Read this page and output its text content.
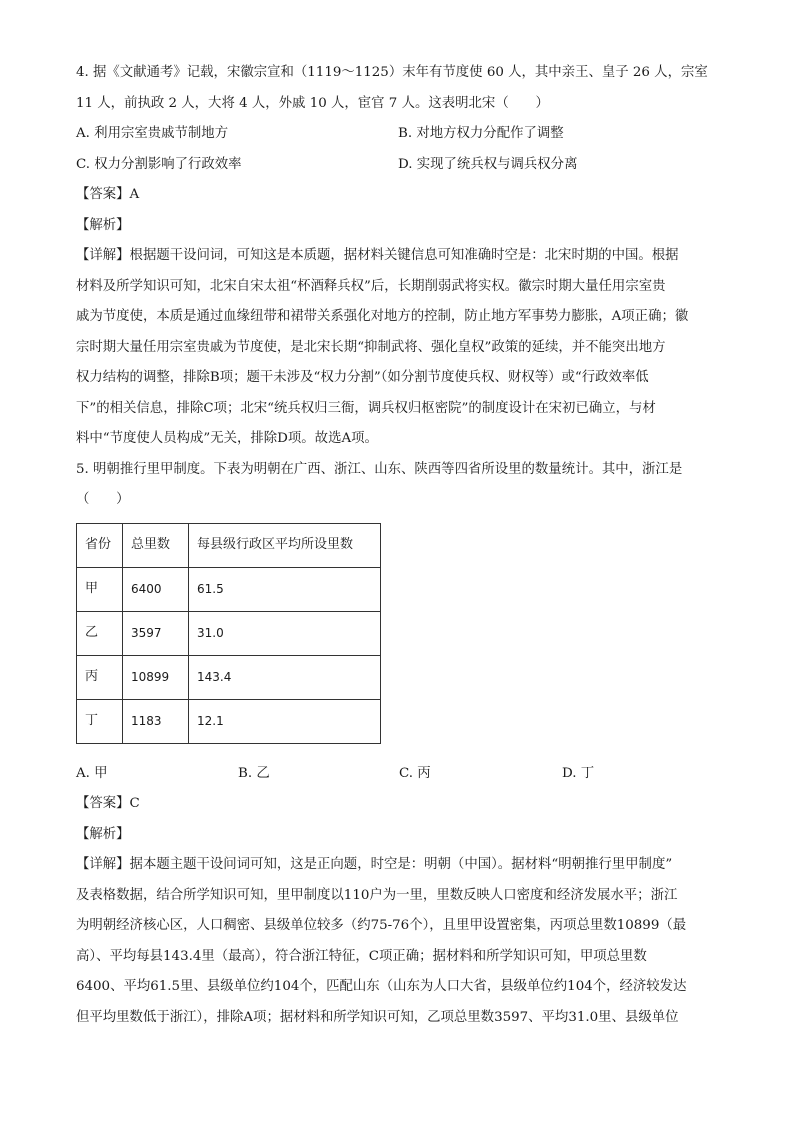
4. 据《文献通考》记载，宋徽宗宣和（1119～1125）末年有节度使 60 人，其中亲王、皇子 26 人，宗室

11 人，前执政 2 人，大将 4 人，外戚 10 人，宦官 7 人。这表明北宋（　　）

A. 利用宗室贵戚节制地方	B. 对地方权力分配作了调整
C. 权力分割影响了行政效率	D. 实现了统兵权与调兵权分离

【答案】A

【解析】

【详解】根据题干设问词，可知这是本质题，据材料关键信息可知准确时空是：北宋时期的中国。根据

材料及所学知识可知，北宋自宋太祖“杯酒释兵权”后，长期削弱武将实权。徽宗时期大量任用宗室贵

戚为节度使，本质是通过血缘纽带和裙带关系强化对地方的控制，防止地方军事势力膨胀，A项正确；徽

宗时期大量任用宗室贵戚为节度使，是北宋长期“抑制武将、强化皇权”政策的延续，并不能突出地方

权力结构的调整，排除B项；题干未涉及“权力分割”（如分割节度使兵权、财权等）或“行政效率低

下”的相关信息，排除C项；北宋“统兵权归三衙，调兵权归枢密院”的制度设计在宋初已确立，与材

料中“节度使人员构成”无关，排除D项。故选A项。

5. 明朝推行里甲制度。下表为明朝在广西、浙江、山东、陕西等四省所设里的数量统计。其中，浙江是

（　　）

省份	总里数	每县级行政区平均所设里数
甲	6400	61.5
乙	3597	31.0
丙	10899	143.4
丁	1183	12.1
A. 甲	B. 乙	C. 丙	D. 丁

【答案】C

【解析】

【详解】据本题主题干设问词可知，这是正向题，时空是：明朝（中国）。据材料“明朝推行里甲制度”

及表格数据，结合所学知识可知，里甲制度以110户为一里，里数反映人口密度和经济发展水平；浙江

为明朝经济核心区，人口稠密、县级单位较多（约75-76个），且里甲设置密集，丙项总里数10899（最

高）、平均每县143.4里（最高），符合浙江特征，C项正确；据材料和所学知识可知，甲项总里数

6400、平均61.5里、县级单位约104个，匹配山东（山东为人口大省，县级单位约104个，经济较发达

但平均里数低于浙江），排除A项；据材料和所学知识可知，乙项总里数3597、平均31.0里、县级单位
